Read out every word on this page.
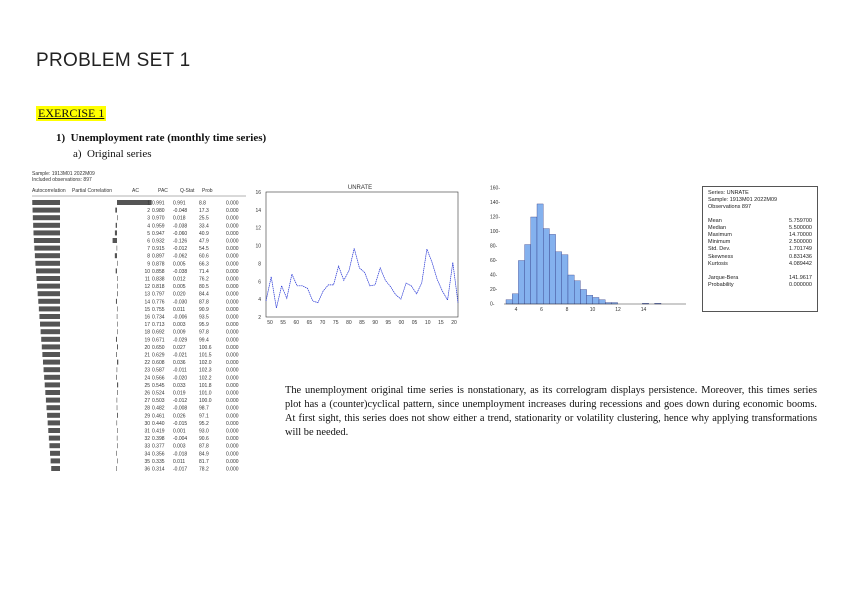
PROBLEM SET 1
EXERCISE 1
1)  Unemployment rate (monthly time series)
a)  Original series
Sample: 1913M01 2022M09
Included observations: 897
Autocorrelation Partial Correlation	AC	PAC Q-Stat Prob
1 0.991 0.991	8.8	0.000
2 0.980 -0.048 17.3	0.000
3 0.970 0.018	25.5	0.000
4 0.959 -0.038 33.4	0.000
5 0.947 -0.060 40.9	0.000
6 0.932 -0.126 47.9	0.000
7 0.915 -0.012 54.5	0.000
8 0.897 -0.062 60.6	0.000
9 0.878 0.005	66.3	0.000
10 0.858 -0.038 71.4	0.000
11 0.838 0.012	76.2	0.000
12 0.818 0.005	80.5	0.000
13 0.797 0.020	84.4	0.000
14 0.776 -0.030 87.8	0.000
15 0.755 0.011	90.9	0.000
16 0.734 -0.006 93.5	0.000
17 0.713 0.003	95.9	0.000
18 0.692 0.009	97.8	0.000
19 0.671 -0.029 99.4	0.000
20 0.650 0.027	100.6	0.000
21 0.629 -0.021 101.5	0.000
22 0.608 0.036	102.0	0.000
23 0.587 -0.011 102.3	0.000
24 0.566 -0.020 102.2	0.000
25 0.545 0.033	101.8	0.000
26 0.524 0.019	101.0	0.000
27 0.503 -0.012 100.0	0.000
28 0.482 -0.008 98.7	0.000
29 0.461 0.026	97.1	0.000
30 0.440 -0.015 95.2	0.000
31 0.419 0.001	93.0	0.000
32 0.398 -0.004 90.6	0.000
33 0.377 0.003	87.8	0.000
34 0.356 -0.018 84.9	0.000
35 0.335 0.011	81.7	0.000
36 0.314 -0.017 78.2	0.000
UNRATE
2
4
6
8
10
12
14
16
50 55 60 65 70 75 80 85 90 95 00 05 10 15 20
0-
20-
40-
60-
80-
100-
120-
140-
160-
4	6	8	10	12	14
Series: UNRATE
Sample: 1913M01 2022M09
Observations 897
Mean	5.759700
Median	5.500000
Maximum	14.70000
Minimum	2.500000
Std. Dev.	1.701749
Skewness	0.831436
Kurtosis	4.089442
Jarque-Bera	141.9617
Probability	0.000000
The unemployment original time series is nonstationary, as its correlogram displays persistence. Moreover, this times series plot has a (counter)cyclical pattern, since unemployment increases during recessions and goes down during economic booms. At first sight, this series does not show either a trend, stationarity or volatility clustering, hence why applying transformations will be needed.
